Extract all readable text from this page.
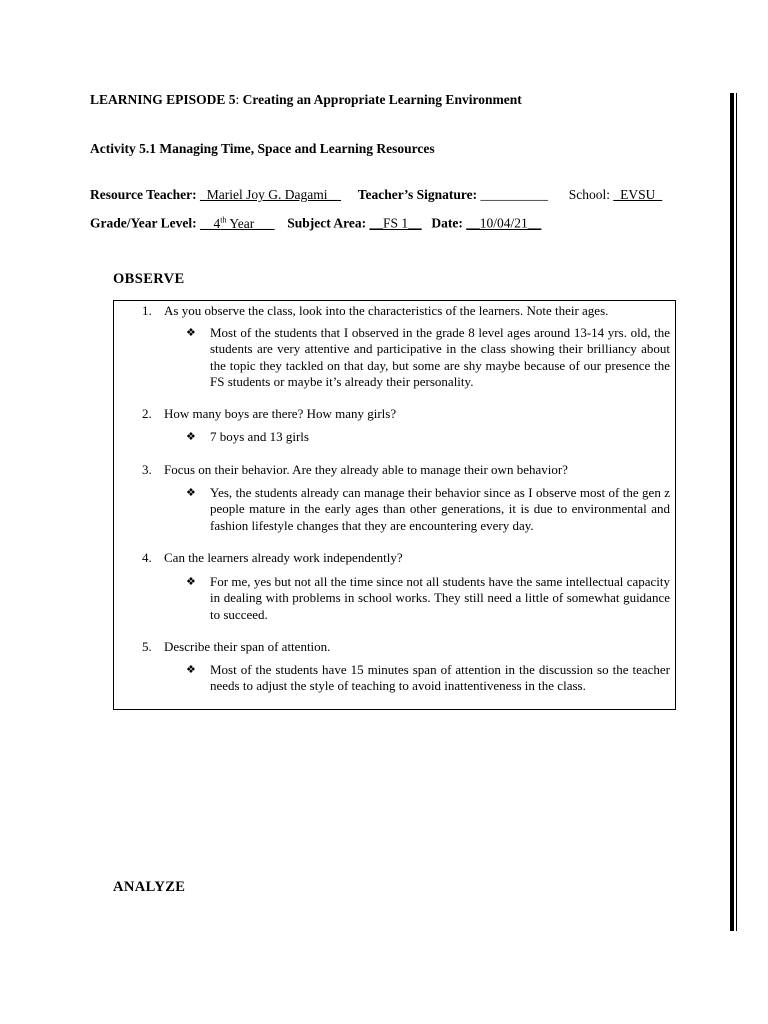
LEARNING EPISODE 5: Creating an Appropriate Learning Environment
Activity 5.1 Managing Time, Space and Learning Resources
Resource Teacher: _Mariel Joy G. Dagami__ Teacher’s Signature: __________ School: _EVSU_
Grade/Year Level: __4th Year___ Subject Area: __FS 1__ Date: __10/04/21__
OBSERVE
1. As you observe the class, look into the characteristics of the learners. Note their ages.
❖ Most of the students that I observed in the grade 8 level ages around 13-14 yrs. old, the students are very attentive and participative in the class showing their brilliancy about the topic they tackled on that day, but some are shy maybe because of our presence the FS students or maybe it’s already their personality.
2. How many boys are there? How many girls?
❖ 7 boys and 13 girls
3. Focus on their behavior. Are they already able to manage their own behavior?
❖ Yes, the students already can manage their behavior since as I observe most of the gen z people mature in the early ages than other generations, it is due to environmental and fashion lifestyle changes that they are encountering every day.
4. Can the learners already work independently?
❖ For me, yes but not all the time since not all students have the same intellectual capacity in dealing with problems in school works. They still need a little of somewhat guidance to succeed.
5. Describe their span of attention.
❖ Most of the students have 15 minutes span of attention in the discussion so the teacher needs to adjust the style of teaching to avoid inattentiveness in the class.
ANALYZE
